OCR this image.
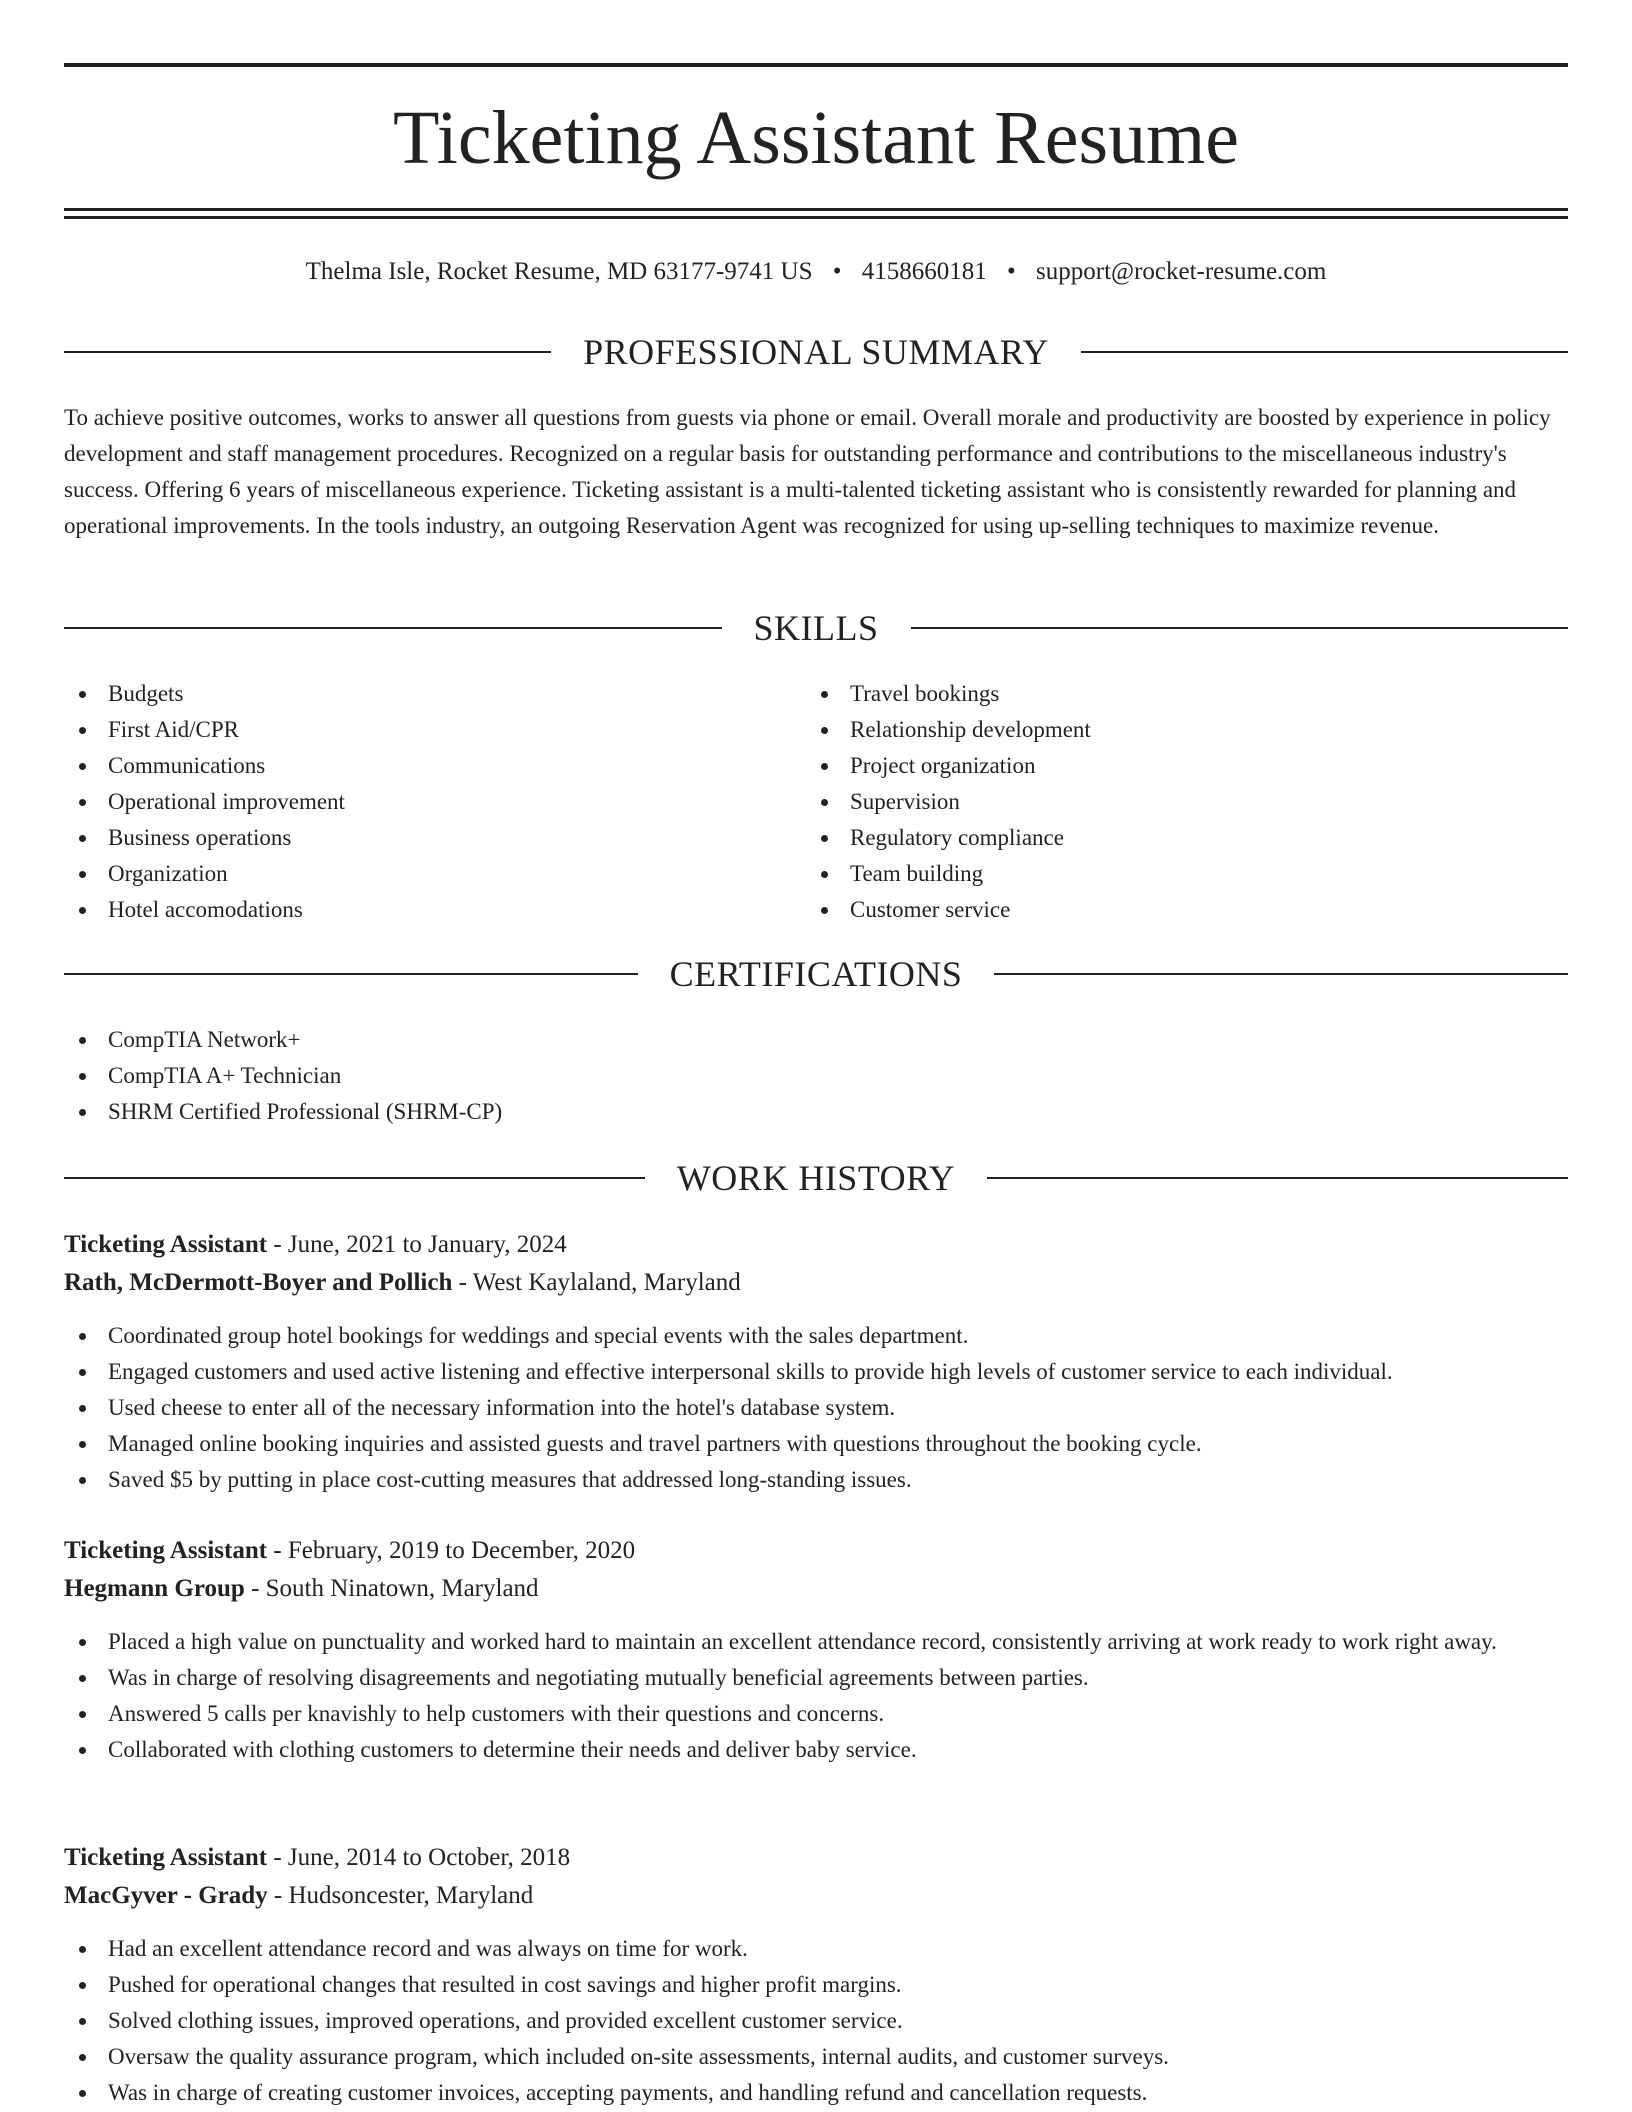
Ticketing Assistant Resume
Thelma Isle, Rocket Resume, MD 63177-9741 US • 4158660181 • support@rocket-resume.com
PROFESSIONAL SUMMARY

To achieve positive outcomes, works to answer all questions from guests via phone or email. Overall morale and productivity are boosted by experience in policy development and staff management procedures. Recognized on a regular basis for outstanding performance and contributions to the miscellaneous industry's success. Offering 6 years of miscellaneous experience. Ticketing assistant is a multi-talented ticketing assistant who is consistently rewarded for planning and operational improvements. In the tools industry, an outgoing Reservation Agent was recognized for using up-selling techniques to maximize revenue.

SKILLS
Budgets
First Aid/CPR
Communications
Operational improvement
Business operations
Organization
Hotel accomodations
Travel bookings
Relationship development
Project organization
Supervision
Regulatory compliance
Team building
Customer service
CERTIFICATIONS
CompTIA Network+
CompTIA A+ Technician
SHRM Certified Professional (SHRM-CP)
WORK HISTORY
Ticketing Assistant - June, 2021 to January, 2024
Rath, McDermott-Boyer and Pollich - West Kaylaland, Maryland
Coordinated group hotel bookings for weddings and special events with the sales department.
Engaged customers and used active listening and effective interpersonal skills to provide high levels of customer service to each individual.
Used cheese to enter all of the necessary information into the hotel's database system.
Managed online booking inquiries and assisted guests and travel partners with questions throughout the booking cycle.
Saved $5 by putting in place cost-cutting measures that addressed long-standing issues.
Ticketing Assistant - February, 2019 to December, 2020
Hegmann Group - South Ninatown, Maryland
Placed a high value on punctuality and worked hard to maintain an excellent attendance record, consistently arriving at work ready to work right away.
Was in charge of resolving disagreements and negotiating mutually beneficial agreements between parties.
Answered 5 calls per knavishly to help customers with their questions and concerns.
Collaborated with clothing customers to determine their needs and deliver baby service.
Ticketing Assistant - June, 2014 to October, 2018
MacGyver - Grady - Hudsoncester, Maryland
Had an excellent attendance record and was always on time for work.
Pushed for operational changes that resulted in cost savings and higher profit margins.
Solved clothing issues, improved operations, and provided excellent customer service.
Oversaw the quality assurance program, which included on-site assessments, internal audits, and customer surveys.
Was in charge of creating customer invoices, accepting payments, and handling refund and cancellation requests.
